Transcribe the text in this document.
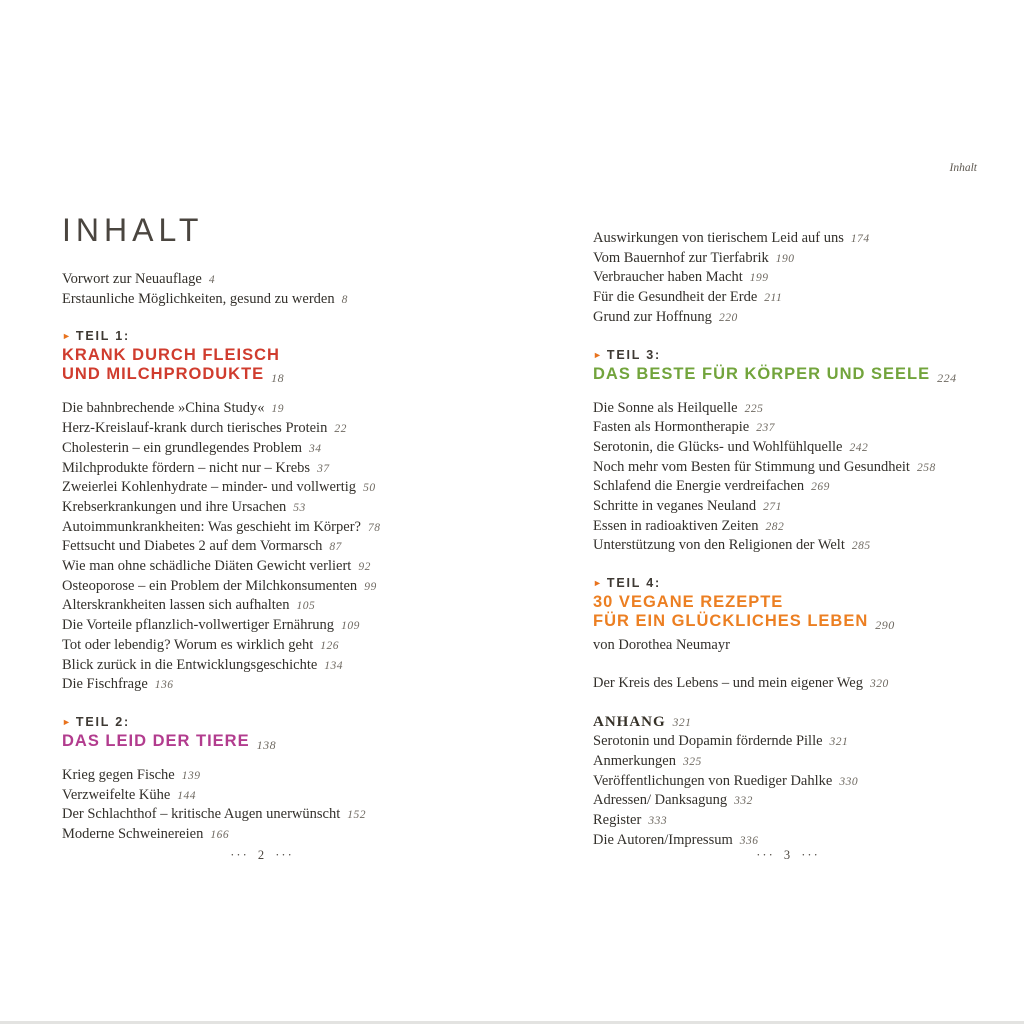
Inhalt
INHALT
Vorwort zur Neuauflage 4
Erstaunliche Möglichkeiten, gesund zu werden 8
► TEIL 1:
KRANK DURCH FLEISCH
UND MILCHPRODUKTE 18
Die bahnbrechende »China Study« 19
Herz-Kreislauf-krank durch tierisches Protein 22
Cholesterin – ein grundlegendes Problem 34
Milchprodukte fördern – nicht nur – Krebs 37
Zweierlei Kohlenhydrate – minder- und vollwertig 50
Krebserkrankungen und ihre Ursachen 53
Autoimmunkrankheiten: Was geschieht im Körper? 78
Fettsucht und Diabetes 2 auf dem Vormarsch 87
Wie man ohne schädliche Diäten Gewicht verliert 92
Osteoporose – ein Problem der Milchkonsumenten 99
Alterskrankheiten lassen sich aufhalten 105
Die Vorteile pflanzlich-vollwertiger Ernährung 109
Tot oder lebendig? Worum es wirklich geht 126
Blick zurück in die Entwicklungsgeschichte 134
Die Fischfrage 136
► TEIL 2:
DAS LEID DER TIERE 138
Krieg gegen Fische 139
Verzweifelte Kühe 144
Der Schlachthof – kritische Augen unerwünscht 152
Moderne Schweinereien 166
Auswirkungen von tierischem Leid auf uns 174
Vom Bauernhof zur Tierfabrik 190
Verbraucher haben Macht 199
Für die Gesundheit der Erde 211
Grund zur Hoffnung 220
► TEIL 3:
DAS BESTE FÜR KÖRPER UND SEELE 224
Die Sonne als Heilquelle 225
Fasten als Hormontherapie 237
Serotonin, die Glücks- und Wohlfühlquelle 242
Noch mehr vom Besten für Stimmung und Gesundheit 258
Schlafend die Energie verdreifachen 269
Schritte in veganes Neuland 271
Essen in radioaktiven Zeiten 282
Unterstützung von den Religionen der Welt 285
► TEIL 4:
30 VEGANE REZEPTE
FÜR EIN GLÜCKLICHES LEBEN 290
von Dorothea Neumayr
Der Kreis des Lebens – und mein eigener Weg 320
ANHANG 321
Serotonin und Dopamin fördernde Pille 321
Anmerkungen 325
Veröffentlichungen von Ruediger Dahlke 330
Adressen/ Danksagung 332
Register 333
Die Autoren/Impressum 336
··· 2 ···	··· 3 ···
